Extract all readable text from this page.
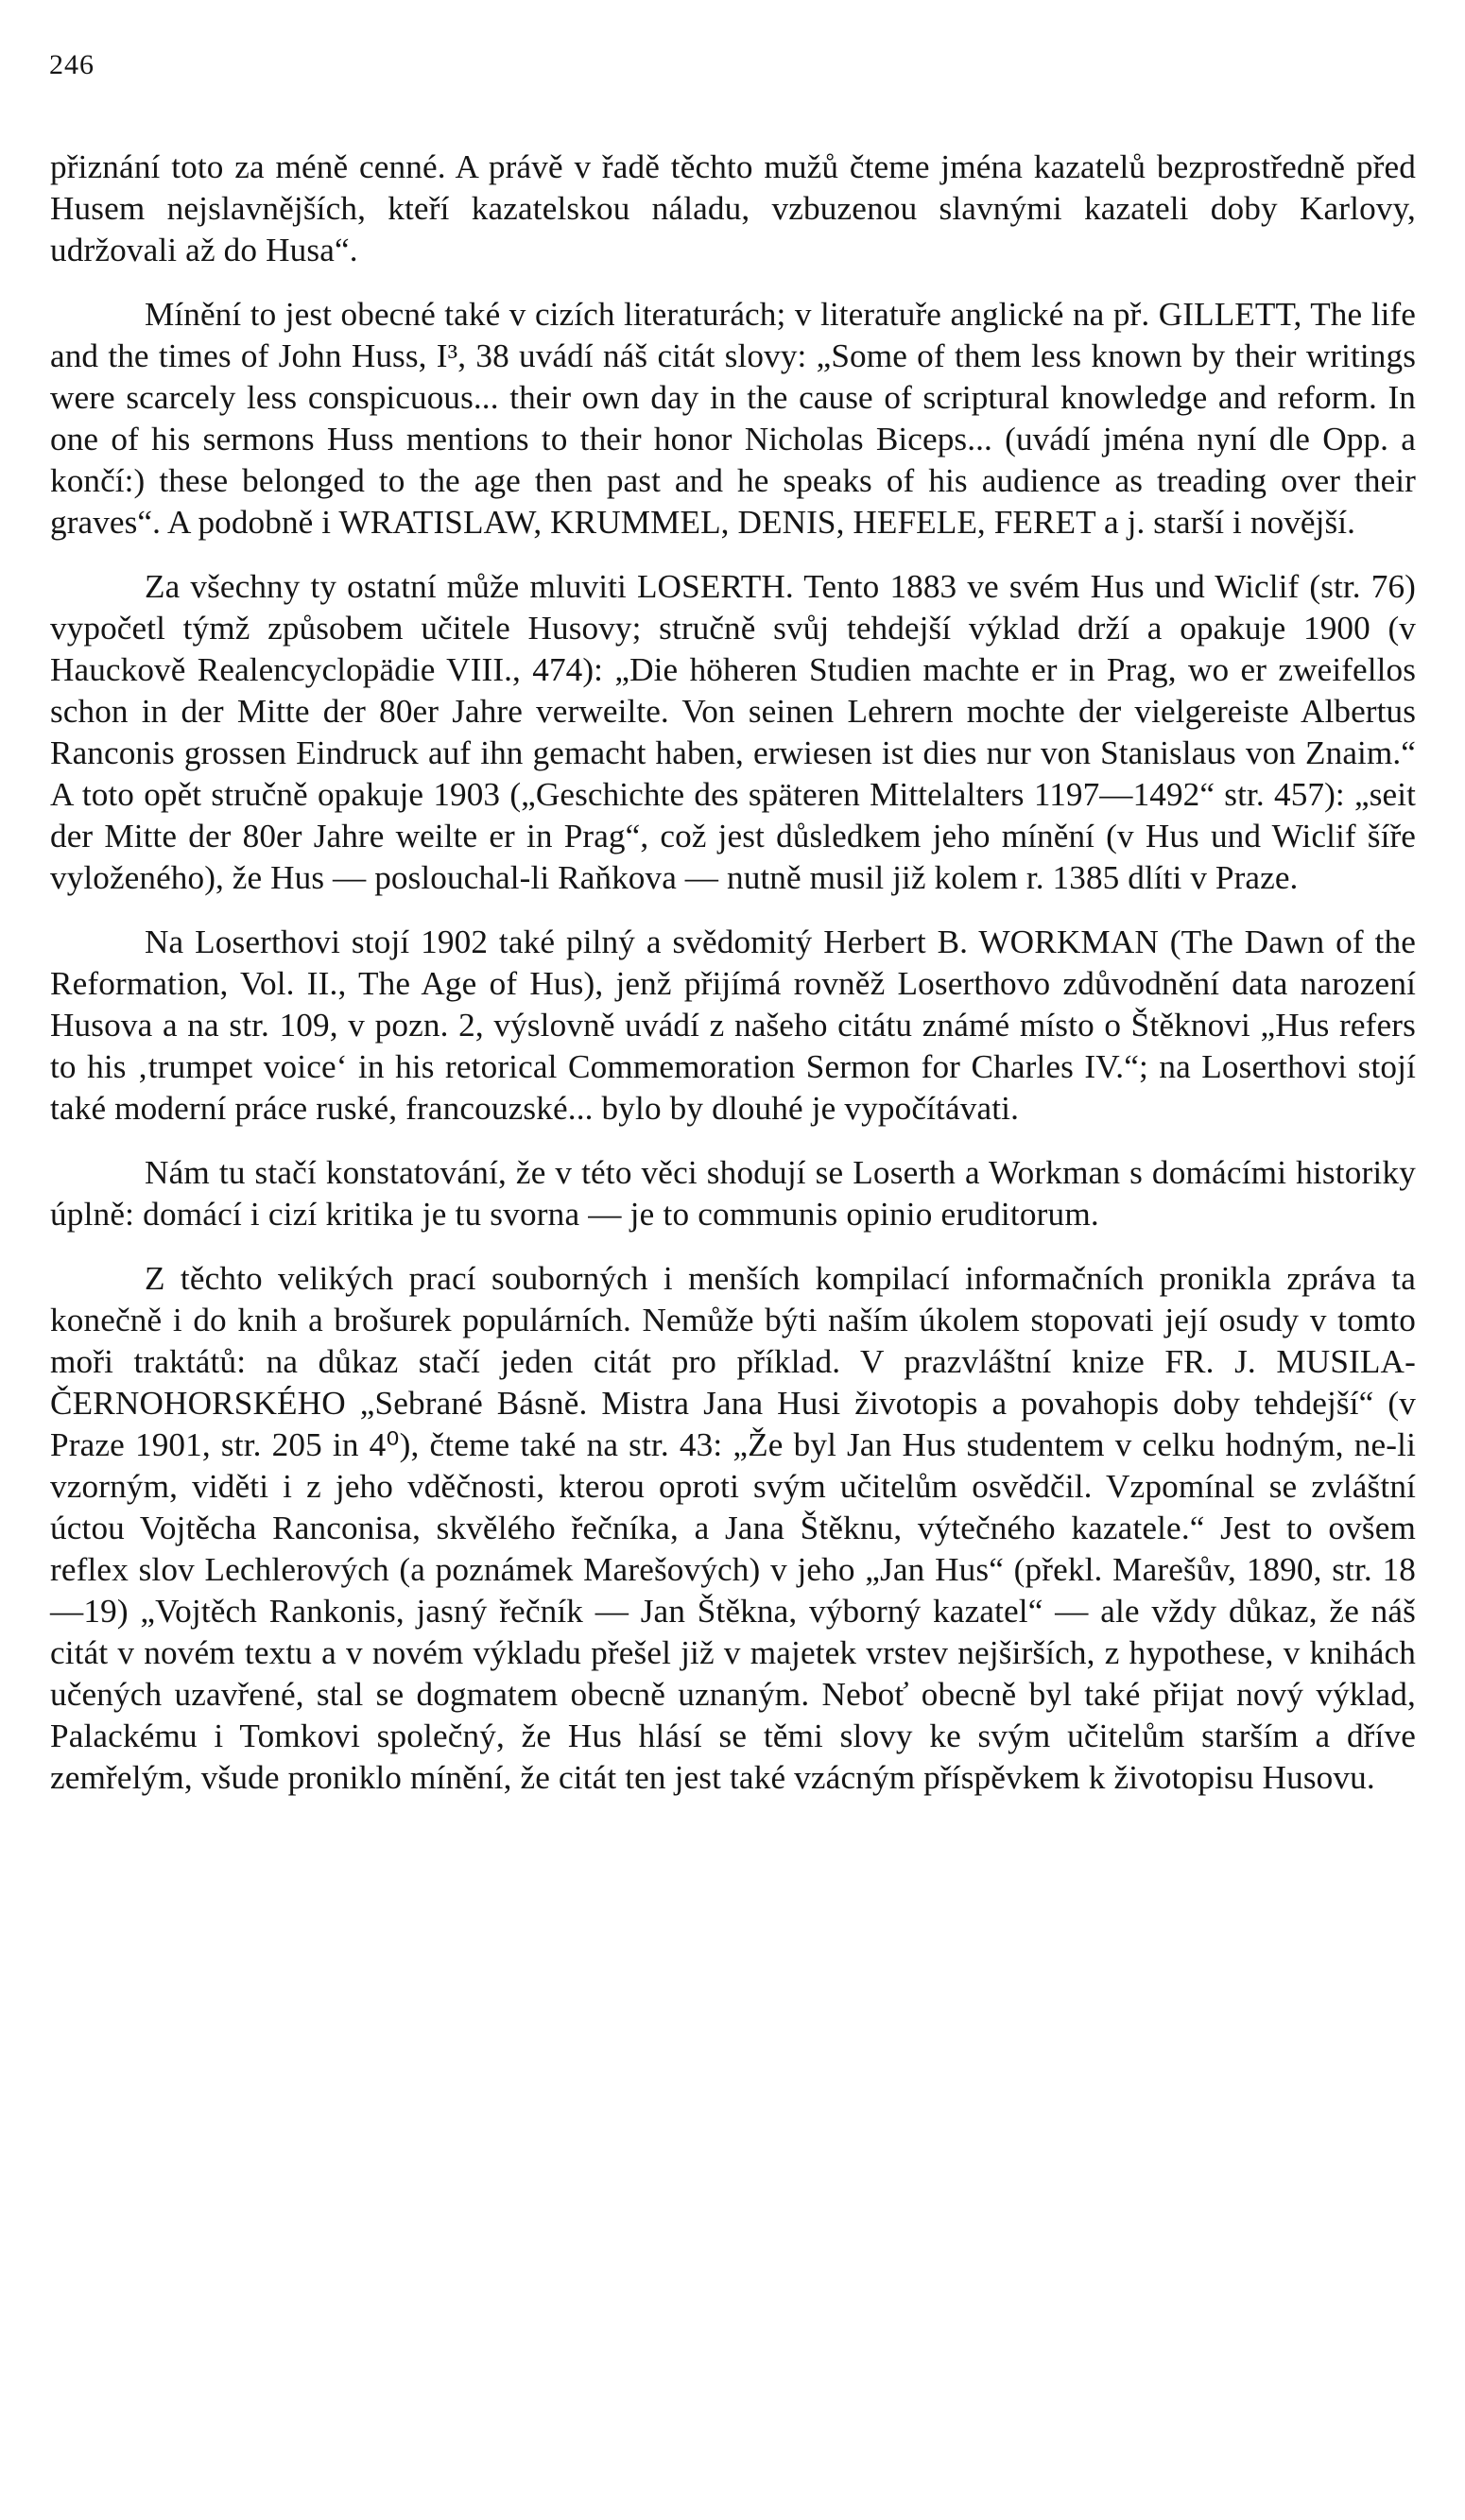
246

přiznání toto za méně cenné. A právě v řadě těchto mužů čteme jména kazatelů bezprostředně před Husem nejslavnějších, kteří kazatelskou náladu, vzbuzenou slavnými kazateli doby Karlovy, udržovali až do Husa“.

Mínění to jest obecné také v cizích literaturách; v literatuře anglické na př. GILLETT, The life and the times of John Huss, I³, 38 uvádí náš citát slovy: „Some of them less known by their writings were scarcely less conspicuous... their own day in the cause of scriptural knowledge and reform. In one of his sermons Huss mentions to their honor Nicholas Biceps... (uvádí jména nyní dle Opp. a končí:) these belonged to the age then past and he speaks of his audience as treading over their graves“. A podobně i WRATISLAW, KRUMMEL, DENIS, HEFELE, FERET a j. starší i novější.

Za všechny ty ostatní může mluviti LOSERTH. Tento 1883 ve svém Hus und Wiclif (str. 76) vypočetl týmž způsobem učitele Husovy; stručně svůj tehdejší výklad drží a opakuje 1900 (v Hauckově Realencyclopädie VIII., 474): „Die höheren Studien machte er in Prag, wo er zweifellos schon in der Mitte der 80er Jahre verweilte. Von seinen Lehrern mochte der vielgereiste Albertus Ranconis grossen Eindruck auf ihn gemacht haben, erwiesen ist dies nur von Stanislaus von Znaim.“ A toto opět stručně opakuje 1903 („Geschichte des späteren Mittelalters 1197—1492“ str. 457): „seit der Mitte der 80er Jahre weilte er in Prag“, což jest důsledkem jeho mínění (v Hus und Wiclif šíře vyloženého), že Hus — poslouchal-li Raňkova — nutně musil již kolem r. 1385 dlíti v Praze.

Na Loserthovi stojí 1902 také pilný a svědomitý Herbert B. WORKMAN (The Dawn of the Reformation, Vol. II., The Age of Hus), jenž přijímá rovněž Loserthovo zdůvodnění data narození Husova a na str. 109, v pozn. 2, výslovně uvádí z našeho citátu známé místo o Štěknovi „Hus refers to his ‚trumpet voice‘ in his retorical Commemoration Sermon for Charles IV.“; na Loserthovi stojí také moderní práce ruské, francouzské... bylo by dlouhé je vypočítávati.

Nám tu stačí konstatování, že v této věci shodují se Loserth a Workman s domácími historiky úplně: domácí i cizí kritika je tu svorna — je to communis opinio eruditorum.

Z těchto velikých prací souborných i menších kompilací informačních pronikla zpráva ta konečně i do knih a brošurek populárních. Nemůže býti naším úkolem stopovati její osudy v tomto moři traktátů: na důkaz stačí jeden citát pro příklad. V prazvláštní knize FR. J. MUSILA-ČERNOHORSKÉHO „Sebrané Básně. Mistra Jana Husi životopis a povahopis doby tehdejší“ (v Praze 1901, str. 205 in 4⁰), čteme také na str. 43: „Že byl Jan Hus studentem v celku hodným, ne-li vzorným, viděti i z jeho vděčnosti, kterou oproti svým učitelům osvědčil. Vzpomínal se zvláštní úctou Vojtěcha Ranconisa, skvělého řečníka, a Jana Štěknu, výtečného kazatele.“ Jest to ovšem reflex slov Lechlerových (a poznámek Marešových) v jeho „Jan Hus“ (překl. Marešův, 1890, str. 18—19) „Vojtěch Rankonis, jasný řečník — Jan Štěkna, výborný kazatel“ — ale vždy důkaz, že náš citát v novém textu a v novém výkladu přešel již v majetek vrstev nejširších, z hypothese, v knihách učených uzavřené, stal se dogmatem obecně uznaným. Neboť obecně byl také přijat nový výklad, Palackému i Tomkovi společný, že Hus hlásí se těmi slovy ke svým učitelům starším a dříve zemřelým, všude proniklo mínění, že citát ten jest také vzácným příspěvkem k životopisu Husovu.
